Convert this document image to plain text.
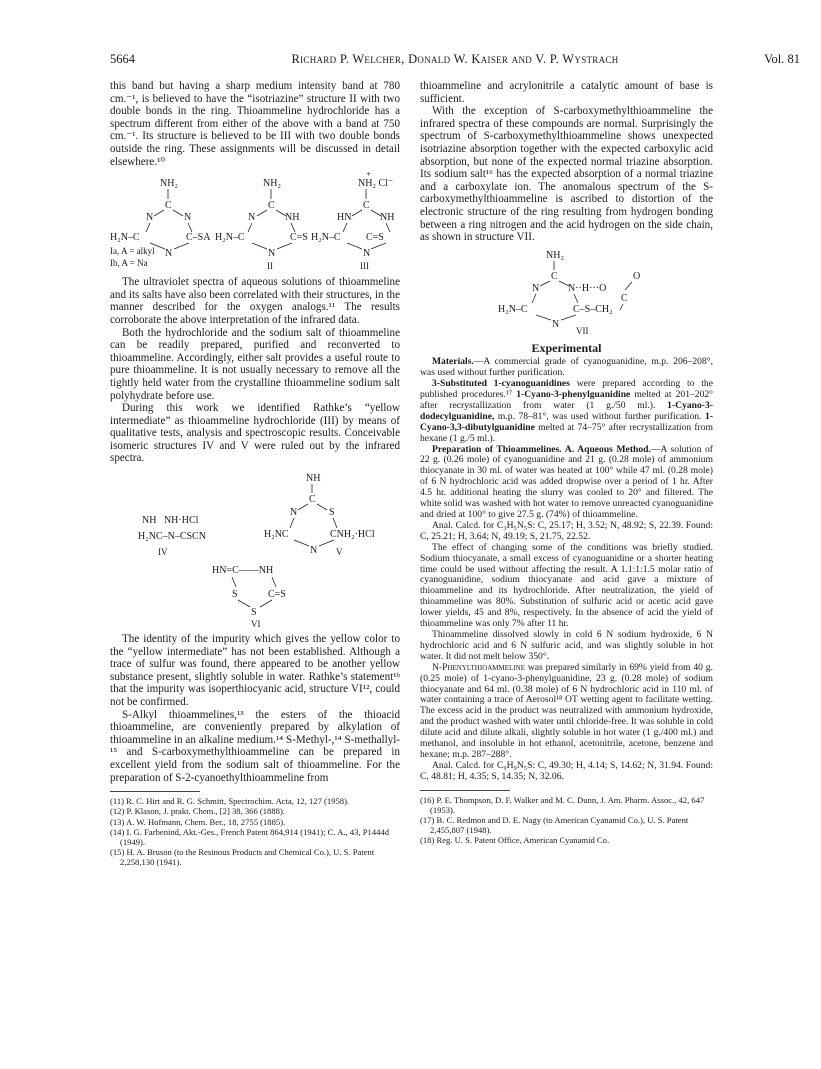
5664	Richard P. Welcher, Donald W. Kaiser and V. P. Wystrach	Vol. 81

this band but having a sharp medium intensity band at 780 cm.⁻¹, is believed to have the “isotriazine” structure II with two double bonds in the ring. Thioammeline hydrochloride has a spectrum different from either of the above with a band at 750 cm.⁻¹. Its structure is believed to be III with two double bonds outside the ring. These assignments will be discussed in detail elsewhere.¹⁰

NH₂
C
N	N
H₂N–C	C–SA
N
Ia, A = alkyl
Ib, A = Na
NH₂
C
N	NH
H₂N–C	C=S
N
II
+
NH₂ Cl⁻
C
HN	NH
H₂N–C	C=S
N
III

The ultraviolet spectra of aqueous solutions of thioammeline and its salts have also been correlated with their structures, in the manner described for the oxygen analogs.¹¹ The results corroborate the above interpretation of the infrared data.

Both the hydrochloride and the sodium salt of thioammeline can be readily prepared, purified and reconverted to thioammeline. Accordingly, either salt provides a useful route to pure thioammeline. It is not usually necessary to remove all the tightly held water from the crystalline thioammeline sodium salt polyhydrate before use.

During this work we identified Rathke’s “yellow intermediate” as thioammeline hydrochloride (III) by means of qualitative tests, analysis and spectroscopic results. Conceivable isomeric structures IV and V were ruled out by the infrared spectra.

NH   NH·HCl
H₂NC–N–CSCN
IV
NH
C
N	S
H₂NC	CNH₂·HCl
N V
HN=C——NH
S	C=S
S
VI

The identity of the impurity which gives the yellow color to the “yellow intermediate” has not been established. Although a trace of sulfur was found, there appeared to be another yellow substance present, slightly soluble in water. Rathke’s statement¹ᵇ that the impurity was isoperthiocyanic acid, structure VI¹², could not be confirmed.

S-Alkyl thioammelines,¹³ the esters of the thioacid thioammeline, are conveniently prepared by alkylation of thioammeline in an alkaline medium.¹⁴ S-Methyl-,¹⁴ S-methallyl-¹⁵ and S-carboxymethylthioammeline can be prepared in excellent yield from the sodium salt of thioammeline. For the preparation of S-2-cyanoethylthioammeline from

(11) R. C. Hirt and R. G. Schmitt, Spectrochim. Acta, 12, 127 (1958).
(12) P. Klason, J. prakt. Chem., [2] 38, 366 (1888).
(13) A. W. Hofmann, Chem. Ber., 18, 2755 (1885).
(14) I. G. Farbenind, Akt.-Ges., French Patent 864,914 (1941); C. A., 43, P1444d (1949).
(15) H. A. Bruson (to the Resinous Products and Chemical Co.), U. S. Patent 2,258,130 (1941).

thioammeline and acrylonitrile a catalytic amount of base is sufficient.

With the exception of S-carboxymethylthioammeline the infrared spectra of these compounds are normal. Surprisingly the spectrum of S-carboxymethylthioammeline shows unexpected isotriazine absorption together with the expected carboxylic acid absorption, but none of the expected normal triazine absorption. Its sodium salt¹⁶ has the expected absorption of a normal triazine and a carboxylate ion. The anomalous spectrum of the S-carboxymethylthioammeline is ascribed to distortion of the electronic structure of the ring resulting from hydrogen bonding between a ring nitrogen and the acid hydrogen on the side chain, as shown in structure VII.

NH₂
C
N	N··H···O
O
C
H₂N–C	C–S–CH₂
N
VII
Experimental

Materials.—A commercial grade of cyanoguanidine, m.p. 206–208°, was used without further purification.

3-Substituted 1-cyanoguanidines were prepared according to the published procedures.¹⁷ 1-Cyano-3-phenylguanidine melted at 201–202° after recrystallization from water (1 g./50 ml.). 1-Cyano-3-dodecylguanidine, m.p. 78–81°, was used without further purification. 1-Cyano-3,3-dibutylguanidine melted at 74–75° after recrystallization from hexane (1 g./5 ml.).

Preparation of Thioammelines. A. Aqueous Method.—A solution of 22 g. (0.26 mole) of cyanoguanidine and 21 g. (0.28 mole) of ammonium thiocyanate in 30 ml. of water was heated at 100° while 47 ml. (0.28 mole) of 6 N hydrochloric acid was added dropwise over a period of 1 hr. After 4.5 hr. additional heating the slurry was cooled to 20° and filtered. The white solid was washed with hot water to remove unreacted cyanoguanidine and dried at 100° to give 27.5 g. (74%) of thioammeline.

Anal. Calcd. for C₃H₅N₅S: C, 25.17; H, 3.52; N, 48.92; S, 22.39. Found: C, 25.21; H, 3.64; N, 49.19; S, 21.75, 22.52.

The effect of changing some of the conditions was briefly studied. Sodium thiocyanate, a small excess of cyanoguanidine or a shorter heating time could be used without affecting the result. A 1.1:1:1.5 molar ratio of cyanoguanidine, sodium thiocyanate and acid gave a mixture of thioammeline and its hydrochloride. After neutralization, the yield of thioammeline was 80%. Substitution of sulfuric acid or acetic acid gave lower yields, 45 and 8%, respectively. In the absence of acid the yield of thioammeline was only 7% after 11 hr.

Thioammeline dissolved slowly in cold 6 N sodium hydroxide, 6 N hydrochloric acid and 6 N sulfuric acid, and was slightly soluble in hot water. It did not melt below 350°.

N-Phenylthioammeline was prepared similarly in 69% yield from 40 g. (0.25 mole) of 1-cyano-3-phenylguanidine, 23 g. (0.28 mole) of sodium thiocyanate and 64 ml. (0.38 mole) of 6 N hydrochloric acid in 110 ml. of water containing a trace of Aerosol¹⁸ OT wetting agent to facilitate wetting. The excess acid in the product was neutralized with ammonium hydroxide, and the product washed with water until chloride-free. It was soluble in cold dilute acid and dilute alkali, slightly soluble in hot water (1 g./400 ml.) and methanol, and insoluble in hot ethanol, acetonitrile, acetone, benzene and hexane; m.p. 287–288°.

Anal. Calcd. for C₉H₉N₅S: C, 49.30; H, 4.14; S, 14.62; N, 31.94. Found: C, 48.81; H, 4.35; S, 14.35; N, 32.06.

(16) P. E. Thompson, D. F. Walker and M. C. Dunn, J. Am. Pharm. Assoc., 42, 647 (1953).
(17) B. C. Redmon and D. E. Nagy (to American Cyanamid Co.), U. S. Patent 2,455,807 (1948).
(18) Reg. U. S. Patent Office, American Cyanamid Co.
